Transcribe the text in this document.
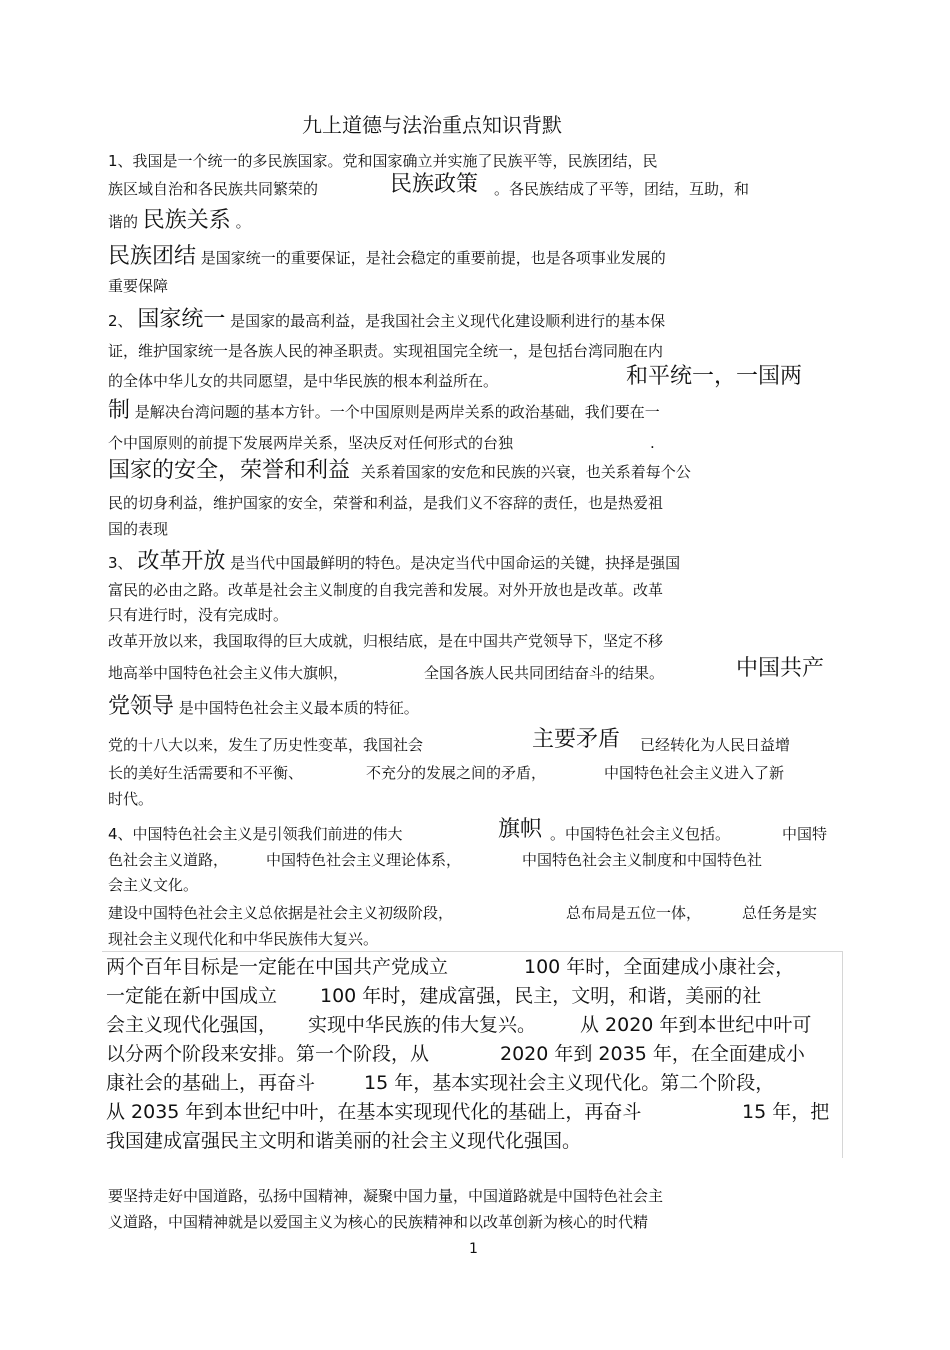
九上道德与法治重点知识背默
1、我国是一个统一的多民族国家。党和国家确立并实施了民族平等，民族团结，民
族区域自治和各民族共同繁荣的	民族政策 。各民族结成了平等，团结，互助，和
谐的 民族关系 。
民族团结 是国家统一的重要保证，是社会稳定的重要前提，也是各项事业发展的
重要保障
2、 国家统一 是国家的最高利益，是我国社会主义现代化建设顺利进行的基本保
证，维护国家统一是各族人民的神圣职责。实现祖国完全统一，是包括台湾同胞在内
的全体中华儿女的共同愿望，是中华民族的根本利益所在。	和平统一，一国两
制 是解决台湾问题的基本方针。一个中国原则是两岸关系的政治基础，我们要在一
个中国原则的前提下发展两岸关系，坚决反对任何形式的台独	.
国家的安全，荣誉和利益 关系着国家的安危和民族的兴衰，也关系着每个公
民的切身利益，维护国家的安全，荣誉和利益，是我们义不容辞的责任，也是热爱祖
国的表现
3、 改革开放 是当代中国最鲜明的特色。是决定当代中国命运的关键，抉择是强国
富民的必由之路。改革是社会主义制度的自我完善和发展。对外开放也是改革。改革
只有进行时，没有完成时。
改革开放以来，我国取得的巨大成就，归根结底，是在中国共产党领导下，坚定不移
地高举中国特色社会主义伟大旗帜，	全国各族人民共同团结奋斗的结果。	中国共产
党领导 是中国特色社会主义最本质的特征。
党的十八大以来，发生了历史性变革，我国社会	主要矛盾 已经转化为人民日益增
长的美好生活需要和不平衡、	不充分的发展之间的矛盾，	中国特色社会主义进入了新
时代。
4、中国特色社会主义是引领我们前进的伟大	旗帜 。中国特色社会主义包括。	中国特
色社会主义道路，	中国特色社会主义理论体系，	中国特色社会主义制度和中国特色社
会主义文化。
建设中国特色社会主义总依据是社会主义初级阶段，	总布局是五位一体，	总任务是实
现社会主义现代化和中华民族伟大复兴。
两个百年目标是一定能在中国共产党成立	100 年时，全面建成小康社会，
一定能在新中国成立 100 年时，建成富强，民主，文明，和谐，美丽的社
会主义现代化强国， 实现中华民族的伟大复兴。 从 2020 年到本世纪中叶可
以分两个阶段来安排。第一个阶段，从	2020 年到 2035 年，在全面建成小
康社会的基础上，再奋斗	15 年，基本实现社会主义现代化。第二个阶段，
从 2035 年到本世纪中叶，在基本实现现代化的基础上，再奋斗	15 年，把
我国建成富强民主文明和谐美丽的社会主义现代化强国。
要坚持走好中国道路，弘扬中国精神，凝聚中国力量，中国道路就是中国特色社会主
义道路，中国精神就是以爱国主义为核心的民族精神和以改革创新为核心的时代精
1
